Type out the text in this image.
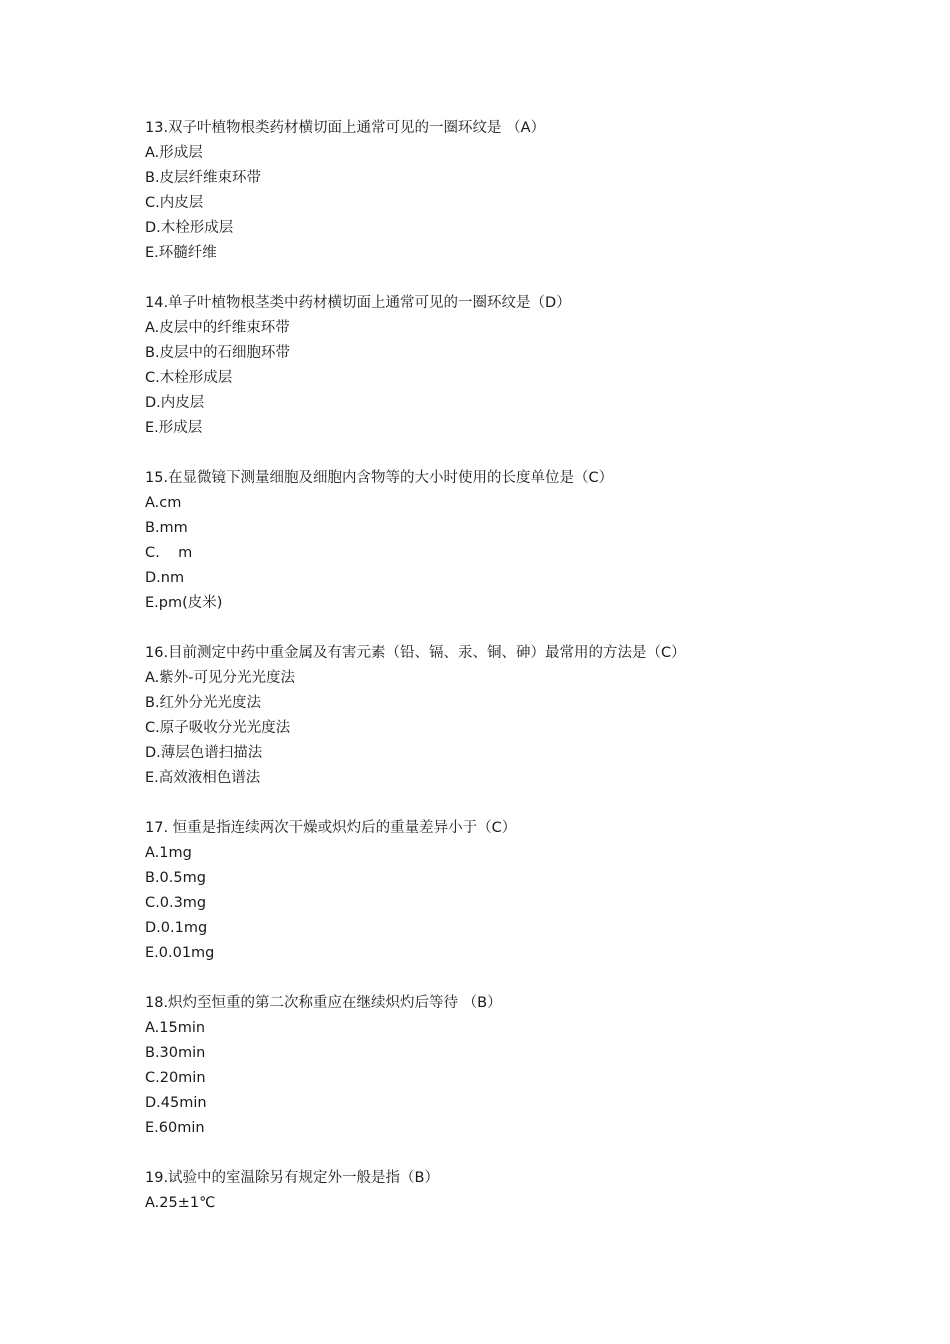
13.双子叶植物根类药材横切面上通常可见的一圈环纹是 （A）
A.形成层
B.皮层纤维束环带
C.内皮层
D.木栓形成层
E.环髓纤维
14.单子叶植物根茎类中药材横切面上通常可见的一圈环纹是（D）
A.皮层中的纤维束环带
B.皮层中的石细胞环带
C.木栓形成层
D.内皮层
E.形成层
15.在显微镜下测量细胞及细胞内含物等的大小时使用的长度单位是（C）
A.cm
B.mm
C.    m
D.nm
E.pm(皮米)
16.目前测定中药中重金属及有害元素（铅、镉、汞、铜、砷）最常用的方法是（C）
A.紫外-可见分光光度法
B.红外分光光度法
C.原子吸收分光光度法
D.薄层色谱扫描法
E.高效液相色谱法
17. 恒重是指连续两次干燥或炽灼后的重量差异小于（C）
A.1mg
B.0.5mg
C.0.3mg
D.0.1mg
E.0.01mg
18.炽灼至恒重的第二次称重应在继续炽灼后等待 （B）
A.15min
B.30min
C.20min
D.45min
E.60min
19.试验中的室温除另有规定外一般是指（B）
A.25±1℃
